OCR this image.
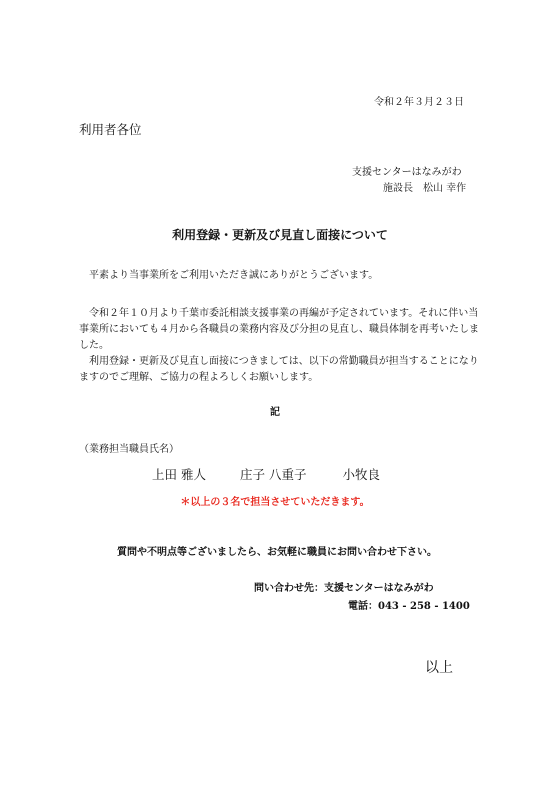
令和２年３月２３日
利用者各位
支援センターはなみがわ
施設長　松山 幸作
利用登録・更新及び見直し面接について
平素より当事業所をご利用いただき誠にありがとうございます。
令和２年１０月より千葉市委託相談支援事業の再編が予定されています。それに伴い当事業所においても４月から各職員の業務内容及び分担の見直し、職員体制を再考いたしました。
利用登録・更新及び見直し面接につきましては、以下の常勤職員が担当することになりますのでご理解、ご協力の程よろしくお願いします。
記
（業務担当職員氏名）
上田 雅人	庄子 八重子	小牧良
＊以上の３名で担当させていただきます。
質問や不明点等ございましたら、お気軽に職員にお問い合わせ下さい。
問い合わせ先：支援センターはなみがわ
電話：043 - 258 - 1400
以上
